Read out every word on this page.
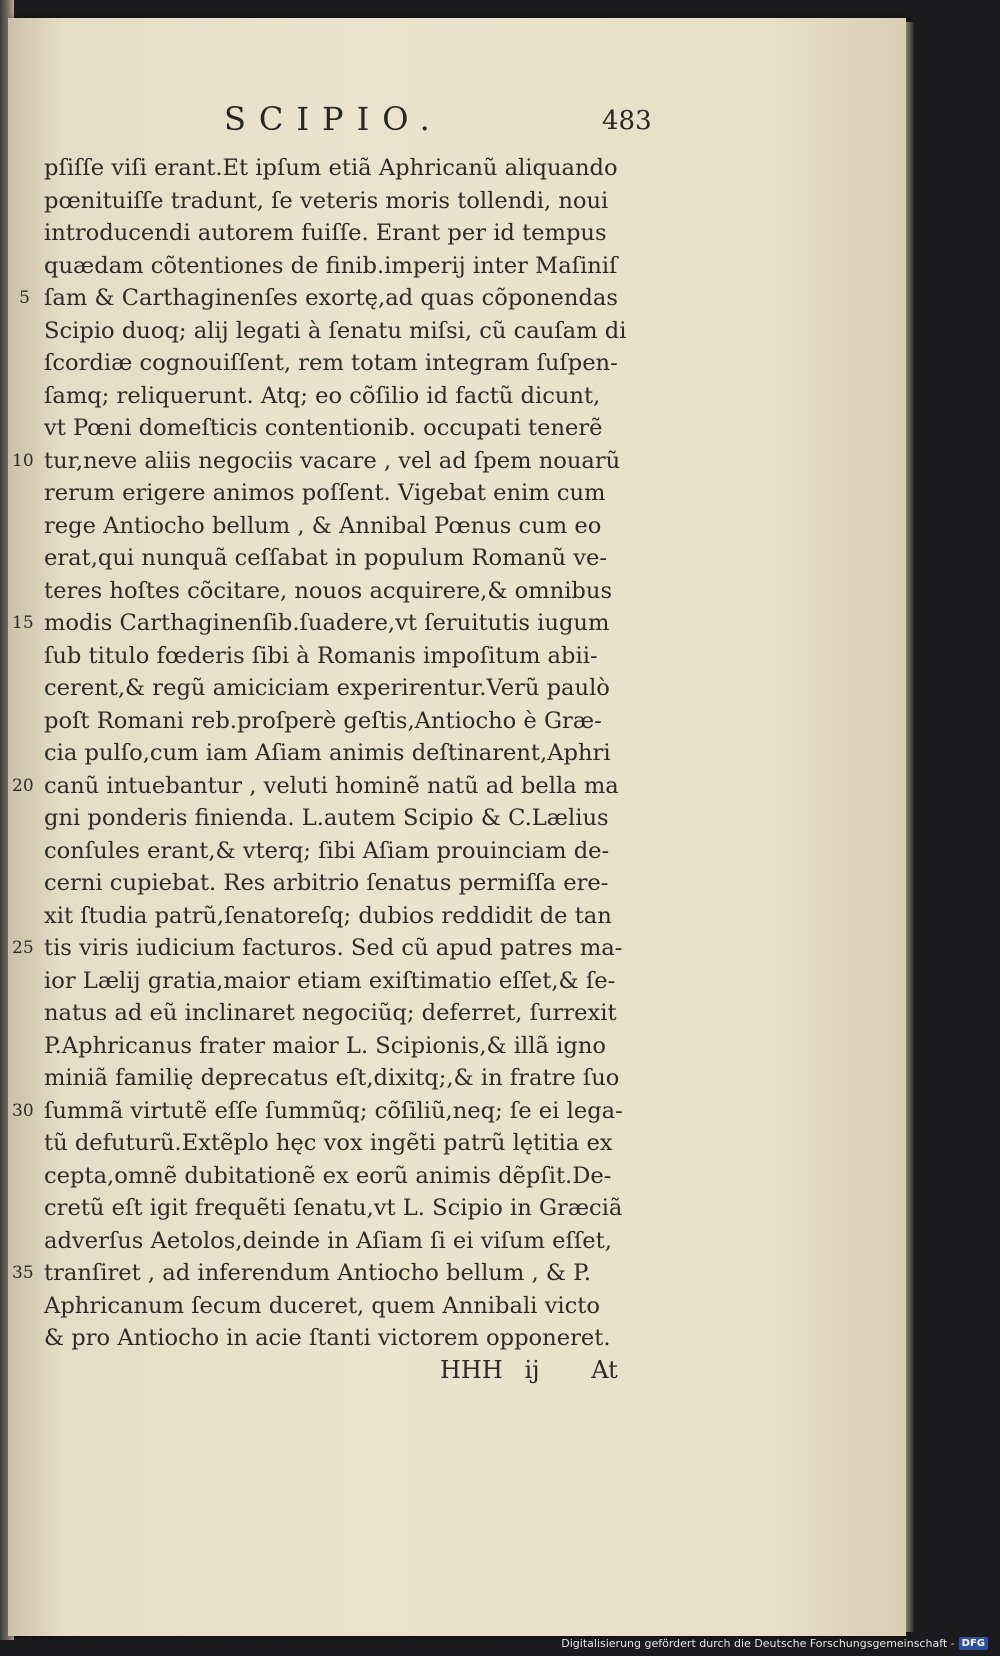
SCIPIO.	483
pſiſſe viſi erant.Et ipſum etiã Aphricanũ aliquando
pœnituiſſe tradunt, ſe veteris moris tollendi, noui
introducendi autorem fuiſſe. Erant per id tempus
quædam cõtentiones de finib.imperij inter Maſiniſ
5 ſam & Carthaginenſes exortę,ad quas cõponendas
Scipio duoq; alij legati à ſenatu miſsi, cũ cauſam di
ſcordiæ cognouiſſent, rem totam integram ſuſpen-
ſamq; reliquerunt. Atq; eo cõſilio id factũ dicunt,
vt Pœni domeſticis contentionib. occupati tenerẽ
10 tur,neve aliis negociis vacare , vel ad ſpem nouarũ
rerum erigere animos poſſent. Vigebat enim cum
rege Antiocho bellum , & Annibal Pœnus cum eo
erat,qui nunquã ceſſabat in populum Romanũ ve-
teres hoſtes cõcitare, nouos acquirere,& omnibus
15 modis Carthaginenſib.ſuadere,vt ſeruitutis iugum
ſub titulo fœderis ſibi à Romanis impoſitum abii-
cerent,& regũ amiciciam experirentur.Verũ paulò
poſt Romani reb.proſperè geſtis,Antiocho è Græ-
cia pulſo,cum iam Aſiam animis deſtinarent,Aphri
20 canũ intuebantur , veluti hominẽ natũ ad bella ma
gni ponderis finienda. L.autem Scipio & C.Lælius
conſules erant,& vterq; ſibi Aſiam prouinciam de-
cerni cupiebat. Res arbitrio ſenatus permiſſa ere-
xit ſtudia patrũ,ſenatoreſq; dubios reddidit de tan
25 tis viris iudicium facturos. Sed cũ apud patres ma-
ior Lælij gratia,maior etiam exiſtimatio eſſet,& ſe-
natus ad eũ inclinaret negociũq; deferret, ſurrexit
P.Aphricanus frater maior L. Scipionis,& illã igno
miniã familię deprecatus eſt,dixitq;,& in fratre ſuo
30 ſummã virtutẽ eſſe ſummũq; cõſiliũ,neq; ſe ei lega-
tũ defuturũ.Extẽplo hęc vox ingẽti patrũ lętitia ex
cepta,omnẽ dubitationẽ ex eorũ animis dẽpſit.De-
cretũ eſt igit frequẽti ſenatu,vt L. Scipio in Græciã
adverſus Aetolos,deinde in Aſiam ſi ei viſum eſſet,
35 tranſiret , ad inferendum Antiocho bellum , & P.
Aphricanum ſecum duceret, quem Annibali victo
& pro Antiocho in acie ſtanti victorem opponeret.
HHH ij At
Digitalisierung gefördert durch die Deutsche Forschungsgemeinschaft - DFG
